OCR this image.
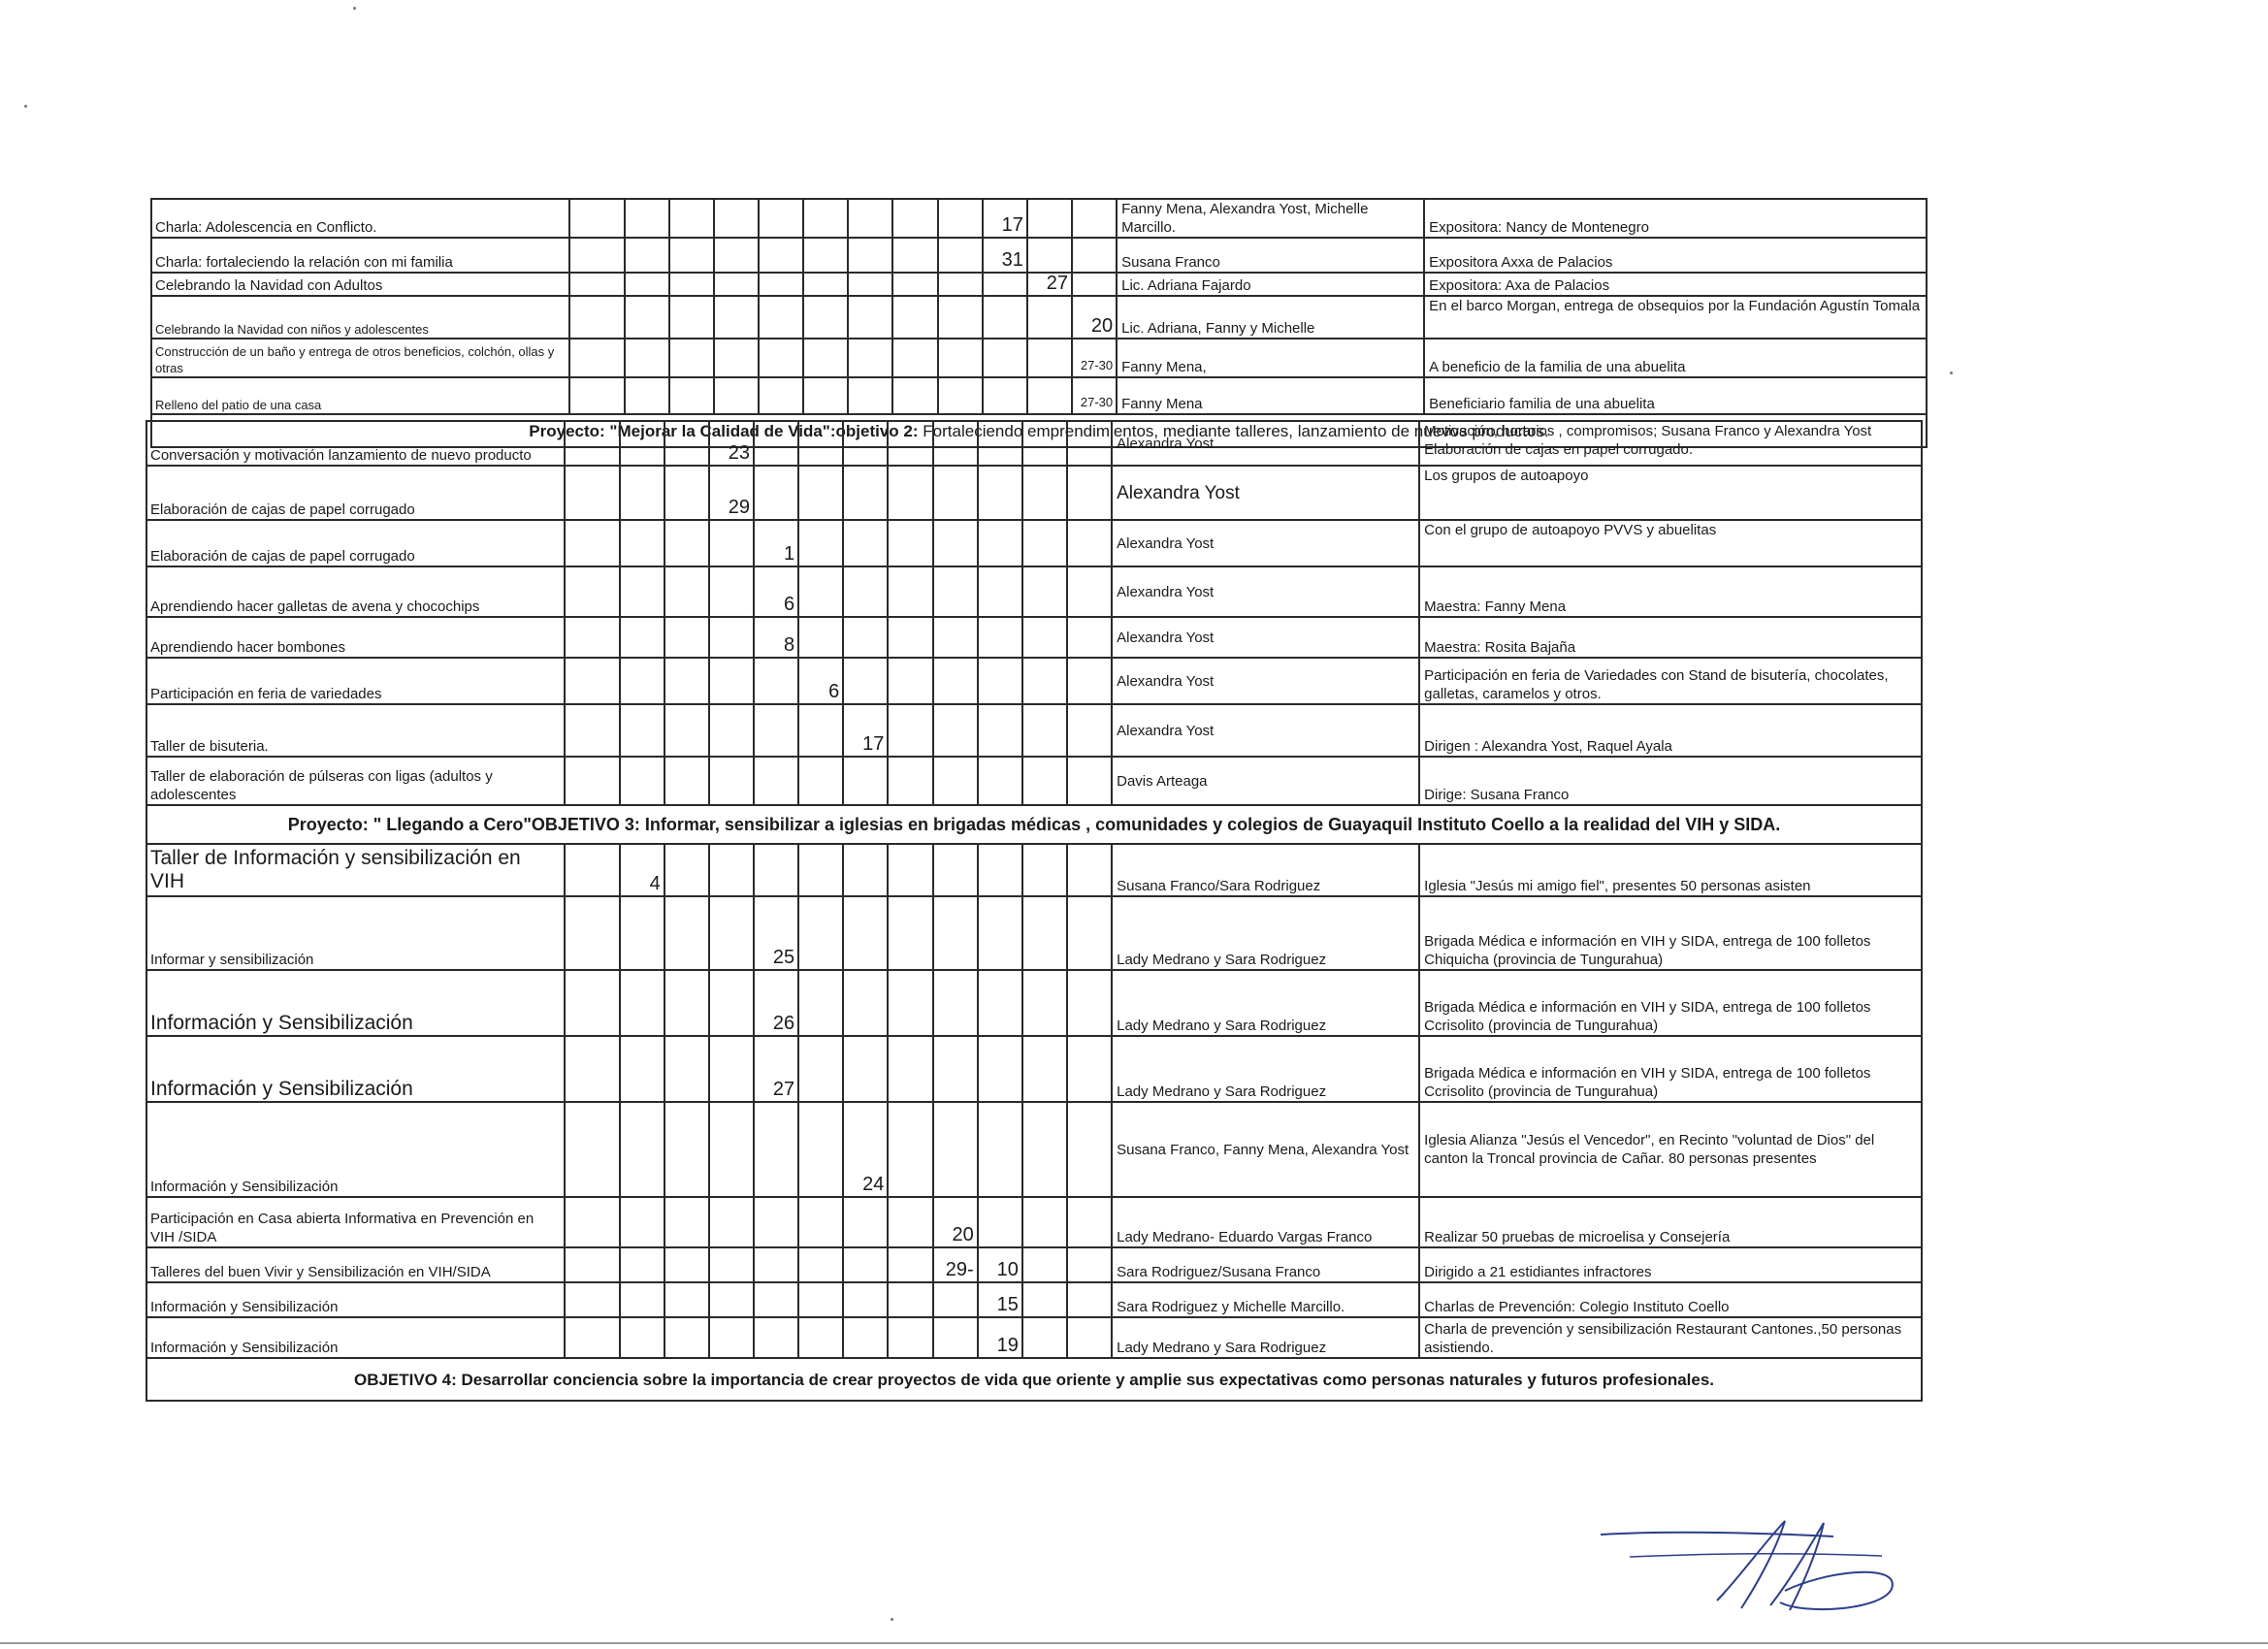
Charla: Adolescencia en Conflicto.										17			Fanny Mena, Alexandra Yost, Michelle Marcillo.	Expositora: Nancy de Montenegro
Charla: fortaleciendo la relación con mi familia										31			Susana Franco	Expositora Axxa de Palacios
Celebrando la Navidad con Adultos											27		Lic. Adriana Fajardo	Expositora: Axa de Palacios
Celebrando la Navidad con niños y adolescentes												20	Lic. Adriana, Fanny y Michelle	En el barco Morgan, entrega de obsequios por la Fundación Agustín Tomala
Construcción de un baño y entrega de otros beneficios, colchón, ollas y otras												27-30	Fanny Mena,	A beneficio de la familia de una abuelita
Relleno del patio de una casa												27-30	Fanny Mena	Beneficiario familia de una abuelita
Proyecto: "Mejorar la Calidad de Vida":objetivo 2: Fortaleciendo emprendimientos, mediante talleres, lanzamiento de nuevos productos.														
Conversación y motivación lanzamiento de nuevo producto				23									Alexandra Yost	Motivación, horarios , compromisos; Susana Franco y Alexandra Yost Elaboración de cajas en papel corrugado.
Elaboración de cajas de papel corrugado				29									Alexandra Yost	Los grupos de autoapoyo
Elaboración de cajas de papel corrugado					1								Alexandra Yost	Con el grupo de autoapoyo PVVS y abuelitas
Aprendiendo hacer galletas de avena y chocochips					6								Alexandra Yost	Maestra: Fanny Mena
Aprendiendo hacer bombones					8								Alexandra Yost	Maestra: Rosita Bajaña
Participación en feria de variedades						6							Alexandra Yost	Participación en feria de Variedades con Stand de bisutería, chocolates, galletas, caramelos y otros.
Taller de bisuteria.							17						Alexandra Yost	Dirigen : Alexandra Yost, Raquel Ayala
Taller de elaboración de púlseras con ligas (adultos y adolescentes													Davis Arteaga	Dirige: Susana Franco
Proyecto: " Llegando a Cero"OBJETIVO 3: Informar, sensibilizar a iglesias en brigadas médicas , comunidades y colegios de Guayaquil Instituto Coello a la realidad del VIH y SIDA.														
Taller de Información y sensibilización en VIH		4											Susana Franco/Sara Rodriguez	Iglesia "Jesús mi amigo fiel", presentes 50 personas asisten
Informar y sensibilización					25								Lady Medrano y Sara Rodriguez	Brigada Médica e información en VIH y SIDA, entrega de 100 folletos Chiquicha (provincia de Tungurahua)
Información y Sensibilización					26								Lady Medrano y Sara Rodriguez	Brigada Médica e información en VIH y SIDA, entrega de 100 folletos Ccrisolito (provincia de Tungurahua)
Información y Sensibilización					27								Lady Medrano y Sara Rodriguez	Brigada Médica e información en VIH y SIDA, entrega de 100 folletos Ccrisolito (provincia de Tungurahua)
Información y Sensibilización							24						Susana Franco, Fanny Mena, Alexandra Yost	Iglesia Alianza "Jesús el Vencedor", en Recinto "voluntad de Dios" del canton la Troncal provincia de Cañar. 80 personas presentes
Participación en Casa abierta Informativa en Prevención en VIH /SIDA									20				Lady Medrano- Eduardo Vargas Franco	Realizar 50 pruebas de microelisa y Consejería
Talleres del buen Vivir y Sensibilización en VIH/SIDA									29-	10			Sara Rodriguez/Susana Franco	Dirigido a 21 estidiantes infractores
Información y Sensibilización										15			Sara Rodriguez y Michelle Marcillo.	Charlas de Prevención: Colegio Instituto Coello
Información y Sensibilización										19			Lady Medrano y Sara Rodriguez	Charla de prevención y sensibilización Restaurant Cantones.,50 personas asistiendo.
OBJETIVO 4: Desarrollar conciencia sobre la importancia de crear proyectos de vida que oriente y amplie sus expectativas como personas naturales y futuros profesionales.														
